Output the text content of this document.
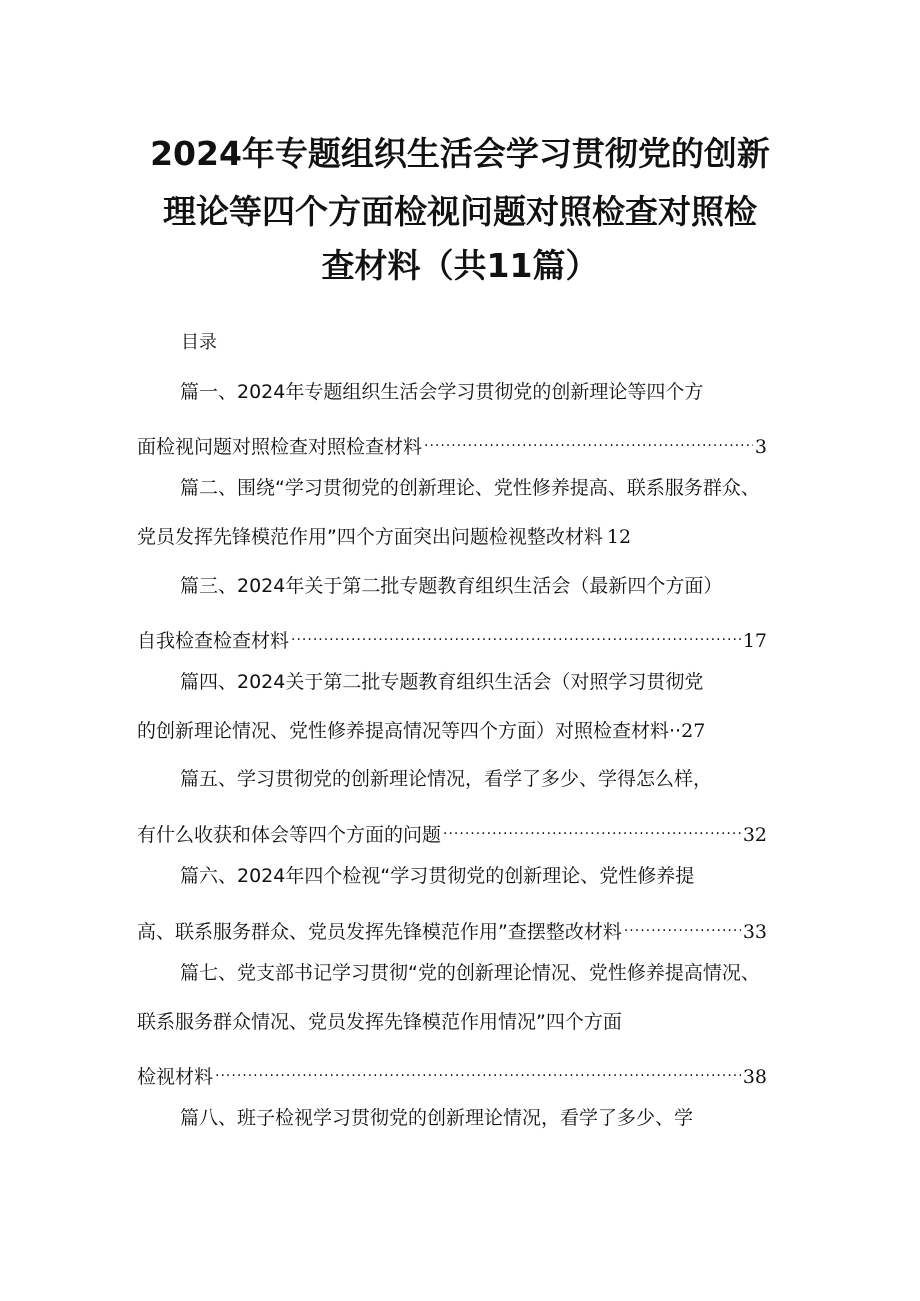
2024年专题组织生活会学习贯彻党的创新
理论等四个方面检视问题对照检查对照检
查材料（共11篇）
目录
篇一、2024年专题组织生活会学习贯彻党的创新理论等四个方
面检视问题对照检查对照检查材料 .....	3
篇二、围绕“学习贯彻党的创新理论、党性修养提高、联系服务群众、
党员发挥先锋模范作用”四个方面突出问题检视整改材料 12
篇三、2024年关于第二批专题教育组织生活会（最新四个方面）
自我检查检查材料 .....	17
篇四、2024关于第二批专题教育组织生活会（对照学习贯彻党
的创新理论情况、党性修养提高情况等四个方面）对照检查材料··27
篇五、学习贯彻党的创新理论情况，看学了多少、学得怎么样，
有什么收获和体会等四个方面的问题 .....	32
篇六、2024年四个检视“学习贯彻党的创新理论、党性修养提
高、联系服务群众、党员发挥先锋模范作用”查摆整改材料 .....	33
篇七、党支部书记学习贯彻“党的创新理论情况、党性修养提高情况、
联系服务群众情况、党员发挥先锋模范作用情况”四个方面
检视材料 .....	38
篇八、班子检视学习贯彻党的创新理论情况，看学了多少、学
